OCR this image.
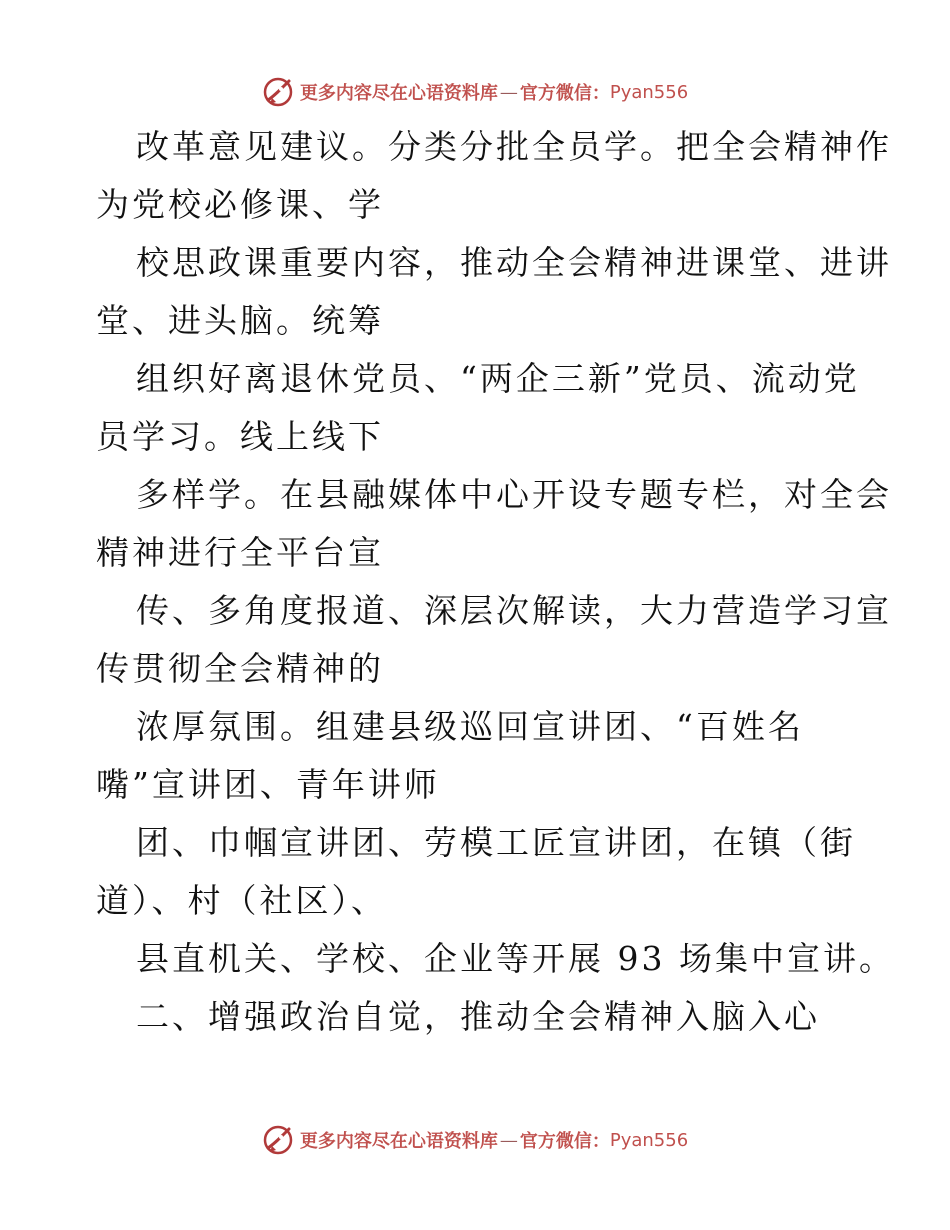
更多内容尽在心语资料库 — 官方微信： Pyan556
改革意见建议。分类分批全员学。把全会精神作
为党校必修课、学
校思政课重要内容，推动全会精神进课堂、进讲
堂、进头脑。统筹
组织好离退休党员、“两企三新”党员、流动党
员学习。线上线下
多样学。在县融媒体中心开设专题专栏，对全会
精神进行全平台宣
传、多角度报道、深层次解读，大力营造学习宣
传贯彻全会精神的
浓厚氛围。组建县级巡回宣讲团、“百姓名
嘴”宣讲团、青年讲师
团、巾帼宣讲团、劳模工匠宣讲团，在镇（街
道）、村（社区）、
县直机关、学校、企业等开展 93 场集中宣讲。
二、增强政治自觉，推动全会精神入脑入心
更多内容尽在心语资料库 — 官方微信： Pyan556
